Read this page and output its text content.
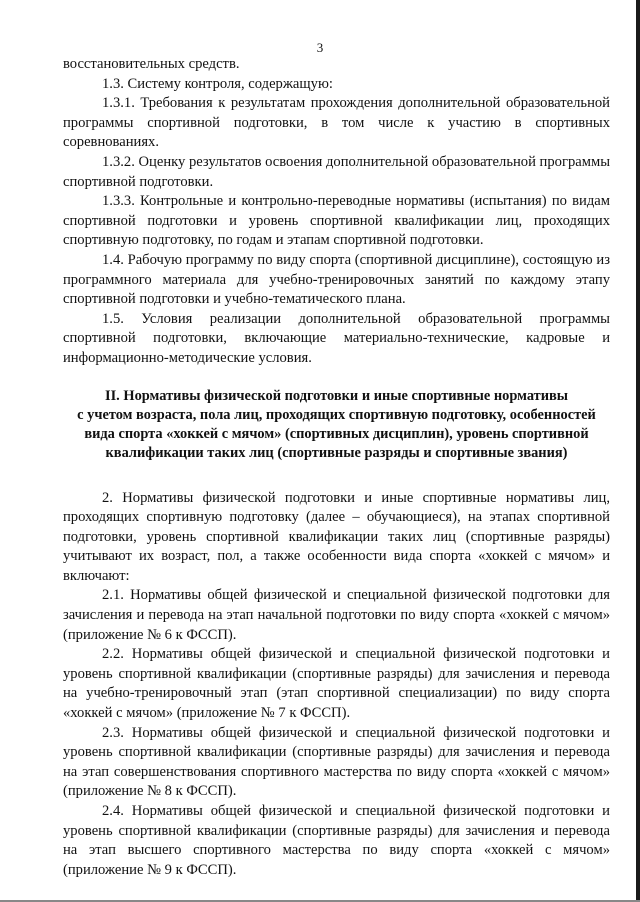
3

восстановительных средств.

1.3. Систему контроля, содержащую:

1.3.1. Требования к результатам прохождения дополнительной образовательной программы спортивной подготовки, в том числе к участию в спортивных соревнованиях.

1.3.2. Оценку результатов освоения дополнительной образовательной программы спортивной подготовки.

1.3.3. Контрольные и контрольно-переводные нормативы (испытания) по видам спортивной подготовки и уровень спортивной квалификации лиц, проходящих спортивную подготовку, по годам и этапам спортивной подготовки.

1.4. Рабочую программу по виду спорта (спортивной дисциплине), состоящую из программного материала для учебно-тренировочных занятий по каждому этапу спортивной подготовки и учебно-тематического плана.

1.5. Условия реализации дополнительной образовательной программы спортивной подготовки, включающие материально-технические, кадровые и информационно-методические условия.

II. Нормативы физической подготовки и иные спортивные нормативы
с учетом возраста, пола лиц, проходящих спортивную подготовку, особенностей
вида спорта «хоккей с мячом» (спортивных дисциплин), уровень спортивной
квалификации таких лиц (спортивные разряды и спортивные звания)

2. Нормативы физической подготовки и иные спортивные нормативы лиц, проходящих спортивную подготовку (далее – обучающиеся), на этапах спортивной подготовки, уровень спортивной квалификации таких лиц (спортивные разряды) учитывают их возраст, пол, а также особенности вида спорта «хоккей с мячом» и включают:

2.1. Нормативы общей физической и специальной физической подготовки для зачисления и перевода на этап начальной подготовки по виду спорта «хоккей с мячом» (приложение № 6 к ФССП).

2.2. Нормативы общей физической и специальной физической подготовки и уровень спортивной квалификации (спортивные разряды) для зачисления и перевода на учебно-тренировочный этап (этап спортивной специализации) по виду спорта «хоккей с мячом» (приложение № 7 к ФССП).

2.3. Нормативы общей физической и специальной физической подготовки и уровень спортивной квалификации (спортивные разряды) для зачисления и перевода на этап совершенствования спортивного мастерства по виду спорта «хоккей с мячом» (приложение № 8 к ФССП).

2.4. Нормативы общей физической и специальной физической подготовки и уровень спортивной квалификации (спортивные разряды) для зачисления и перевода на этап высшего спортивного мастерства по виду спорта «хоккей с мячом» (приложение № 9 к ФССП).
